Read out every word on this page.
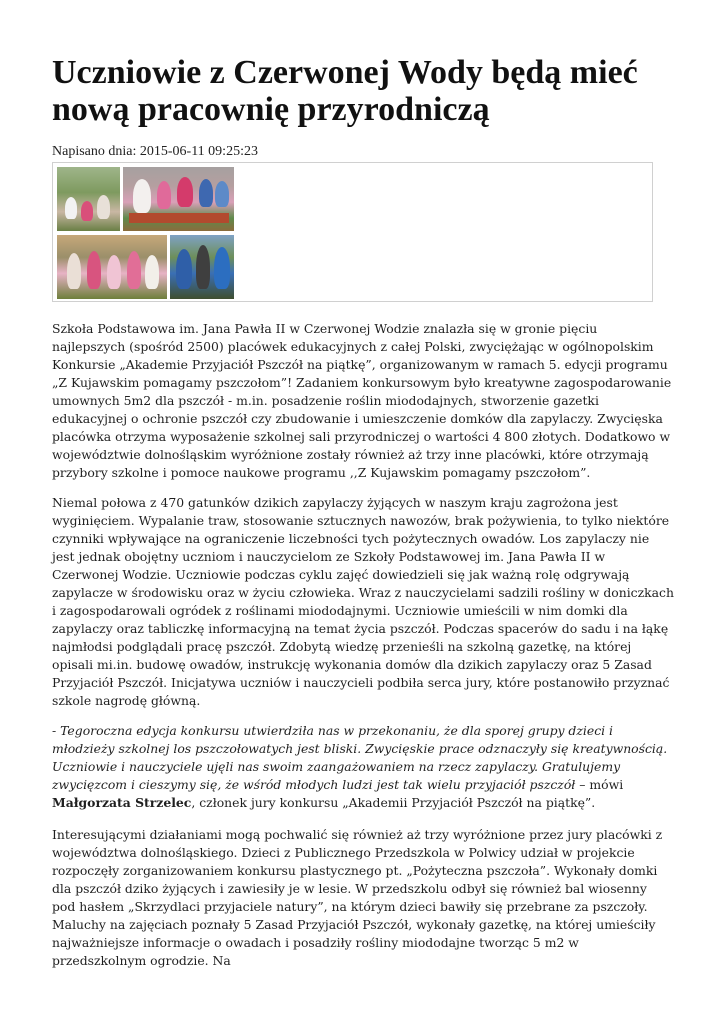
Uczniowie z Czerwonej Wody będą mieć nową pracownię przyrodniczą

Napisano dnia: 2015-06-11 09:25:23

Szkoła Podstawowa im. Jana Pawła II w Czerwonej Wodzie znalazła się w gronie pięciu najlepszych (spośród 2500) placówek edukacyjnych z całej Polski, zwyciężając w ogólnopolskim Konkursie „Akademie Przyjaciół Pszczół na piątkę”, organizowanym w ramach 5. edycji programu „Z Kujawskim pomagamy pszczołom”! Zadaniem konkursowym było kreatywne zagospodarowanie umownych 5m2 dla pszczół - m.in. posadzenie roślin miododajnych, stworzenie gazetki edukacyjnej o ochronie pszczół czy zbudowanie i umieszczenie domków dla zapylaczy. Zwycięska placówka otrzyma wyposażenie szkolnej sali przyrodniczej o wartości 4 800 złotych. Dodatkowo w województwie dolnośląskim wyróżnione zostały również aż trzy inne placówki, które otrzymają przybory szkolne i pomoce naukowe programu ,,Z Kujawskim pomagamy pszczołom”.

Niemal połowa z 470 gatunków dzikich zapylaczy żyjących w naszym kraju zagrożona jest wyginięciem. Wypalanie traw, stosowanie sztucznych nawozów, brak pożywienia, to tylko niektóre czynniki wpływające na ograniczenie liczebności tych pożytecznych owadów. Los zapylaczy nie jest jednak obojętny uczniom i nauczycielom ze Szkoły Podstawowej im. Jana Pawła II w Czerwonej Wodzie. Uczniowie podczas cyklu zajęć dowiedzieli się jak ważną rolę odgrywają zapylacze w środowisku oraz w życiu człowieka. Wraz z nauczycielami sadzili rośliny w doniczkach i zagospodarowali ogródek z roślinami miododajnymi. Uczniowie umieścili w nim domki dla zapylaczy oraz tabliczkę informacyjną na temat życia pszczół. Podczas spacerów do sadu i na łąkę najmłodsi podglądali pracę pszczół. Zdobytą wiedzę przenieśli na szkolną gazetkę, na której opisali mi.in. budowę owadów, instrukcję wykonania domów dla dzikich zapylaczy oraz 5 Zasad Przyjaciół Pszczół. Inicjatywa uczniów i nauczycieli podbiła serca jury, które postanowiło przyznać szkole nagrodę główną.

- Tegoroczna edycja konkursu utwierdziła nas w przekonaniu, że dla sporej grupy dzieci i młodzieży szkolnej los pszczołowatych jest bliski. Zwycięskie prace odznaczyły się kreatywnością. Uczniowie i nauczyciele ujęli nas swoim zaangażowaniem na rzecz zapylaczy. Gratulujemy zwycięzcom i cieszymy się, że wśród młodych ludzi jest tak wielu przyjaciół pszczół – mówi Małgorzata Strzelec, członek jury konkursu „Akademii Przyjaciół Pszczół na piątkę”.

Interesującymi działaniami mogą pochwalić się również aż trzy wyróżnione przez jury placówki z województwa dolnośląskiego. Dzieci z Publicznego Przedszkola w Polwicy udział w projekcie rozpoczęły zorganizowaniem konkursu plastycznego pt. „Pożyteczna pszczoła”. Wykonały domki dla pszczół dziko żyjących i zawiesiły je w lesie. W przedszkolu odbył się również bal wiosenny pod hasłem „Skrzydlaci przyjaciele natury”, na którym dzieci bawiły się przebrane za pszczoły. Maluchy na zajęciach poznały 5 Zasad Przyjaciół Pszczół, wykonały gazetkę, na której umieściły najważniejsze informacje o owadach i posadziły rośliny miododajne tworząc 5 m2 w przedszkolnym ogrodzie. Na
